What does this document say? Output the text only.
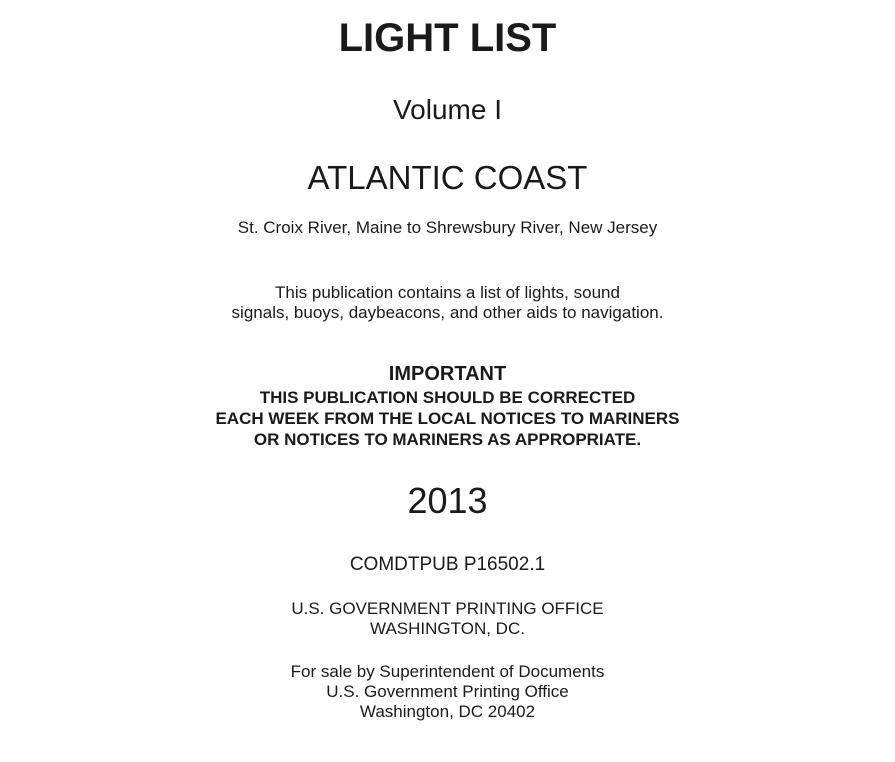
LIGHT LIST
Volume I
ATLANTIC COAST
St. Croix River, Maine to Shrewsbury River, New Jersey
This publication contains a list of lights, sound
signals, buoys, daybeacons, and other aids to navigation.
IMPORTANT
THIS PUBLICATION SHOULD BE CORRECTED
EACH WEEK FROM THE LOCAL NOTICES TO MARINERS
OR NOTICES TO MARINERS AS APPROPRIATE.
2013
COMDTPUB P16502.1
U.S. GOVERNMENT PRINTING OFFICE
WASHINGTON, DC.
For sale by Superintendent of Documents
U.S. Government Printing Office
Washington, DC 20402
